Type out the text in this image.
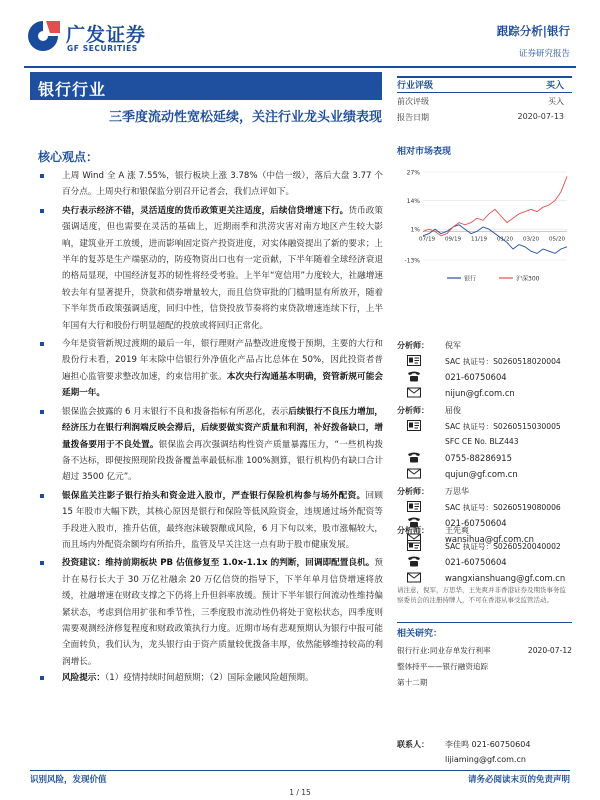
广发证券
GF SECURITIES
跟踪分析|银行
证券研究报告
银行行业
三季度流动性宽松延续，关注行业龙头业绩表现
核心观点：
上周 Wind 全 A 涨 7.55%，银行板块上涨 3.78%（中信一级），落后大盘 3.77 个百分点。上周央行和银保监分别召开记者会，我们点评如下。
央行表示经济不错，灵活适度的货币政策更关注适度，后续信贷增速下行。货币政策强调适度，但也需要在灵活的基础上，近期雨季和洪涝灾害对南方地区产生较大影响，建筑业开工放缓，进而影响固定资产投资进度，对实体融资提出了新的要求；上半年的复苏是生产端驱动的，防疫物资出口也有一定贡献，下半年随着全球经济衰退的格局显现，中国经济复苏的韧性将经受考验。上半年“宽信用”力度较大，社融增速较去年有显著提升，贷款和债券增量较大，而且信贷审批的门槛明显有所放开，随着下半年货币政策强调适度，回归中性，信贷投放节奏将约束贷款增速连续下行，上半年国有大行和股份行明显超配的投放或将回归正常化。
今年是资管新规过渡期的最后一年，银行理财产品整改进度慢于预期，主要的大行和股份行未看，2019 年末除中信银行外净值化产品占比总体在 50%，因此投资者普遍担心监管要求整改加速，约束信用扩张。本次央行沟通基本明确，资管新规可能会延期一年。
银保监会披露的 6 月末银行不良和拨备指标有所恶化，表示后续银行不良压力增加，经济压力在银行利润端反映会滞后，后续要做实资产质量和利润，补好拨备缺口，增量拨备要用于不良处置。银保监会再次强调结构性资产质量暴露压力，“一些机构拨备不达标，即便按照现阶段拨备覆盖率最低标准 100%测算，银行机构仍有缺口合计超过 3500 亿元”。
银保监关注影子银行抬头和资金进入股市，严查银行保险机构参与场外配资。回顾 15 年股市大幅下跌，其核心原因是银行和保险等低风险资金，违规通过场外配资等手段进入股市，推升估值，最终泡沫破裂酿成风险，6 月下旬以来，股市涨幅较大，而且场内外配资余额均有所抬升，监管及早关注这一点有助于股市健康发展。
投资建议：维持前期板块 PB 估值修复至 1.0x-1.1x 的判断，回调即配置良机。预计在易行长大于 30 万亿社融余 20 万亿信贷的指导下，下半年单月信贷增速将放缓，社融增速在财政支撑之下仍将上升但斜率放缓。预计下半年银行间流动性维持偏紧状态，考虑到信用扩张和季节性，三季度股市流动性仍将处于宽松状态，四季度则需要观测经济修复程度和财政政策执行力度。近期市场有悲观预期认为银行中报可能全面转负，我们认为，龙头银行由于资产质量较优拨备丰厚，依然能够维持较高的利润增长。
风险提示：（1）疫情持续时间超预期；（2）国际金融风险超预期。
行业评级	买入
前次评级	买入
报告日期	2020-07-13
相对市场表现
27%
14%
1%
-13%
07/19 09/19 11/19 01/20 03/20 05/20
银行	沪深300
分析师： 倪军
SAC 执证号：S0260518020004
021-60750604
nijun@gf.com.cn
分析师： 屈俊
SAC 执证号：S0260515030005
SFC CE No. BLZ443
0755-88286915
qujun@gf.com.cn
分析师： 万思华
SAC 执证号：S0260519080006
021-60750604
wansihua@gf.com.cn
分析师： 王先爽
SAC 执证号：S0260520040002
021-60750604
wangxianshuang@gf.com.cn
请注意，倪军，万思华，王先爽并非香港证券及期货事务监察委员会的注册持牌人，不可在香港从事受监管活动。
相关研究：
银行行业:同业存单发行利率	2020-07-12
整体持平——银行融资追踪
第十二期
联系人： 李佳鸣 021-60750604
lijiaming@gf.com.cn
识别风险，发现价值	请务必阅读末页的免责声明
1 / 15
